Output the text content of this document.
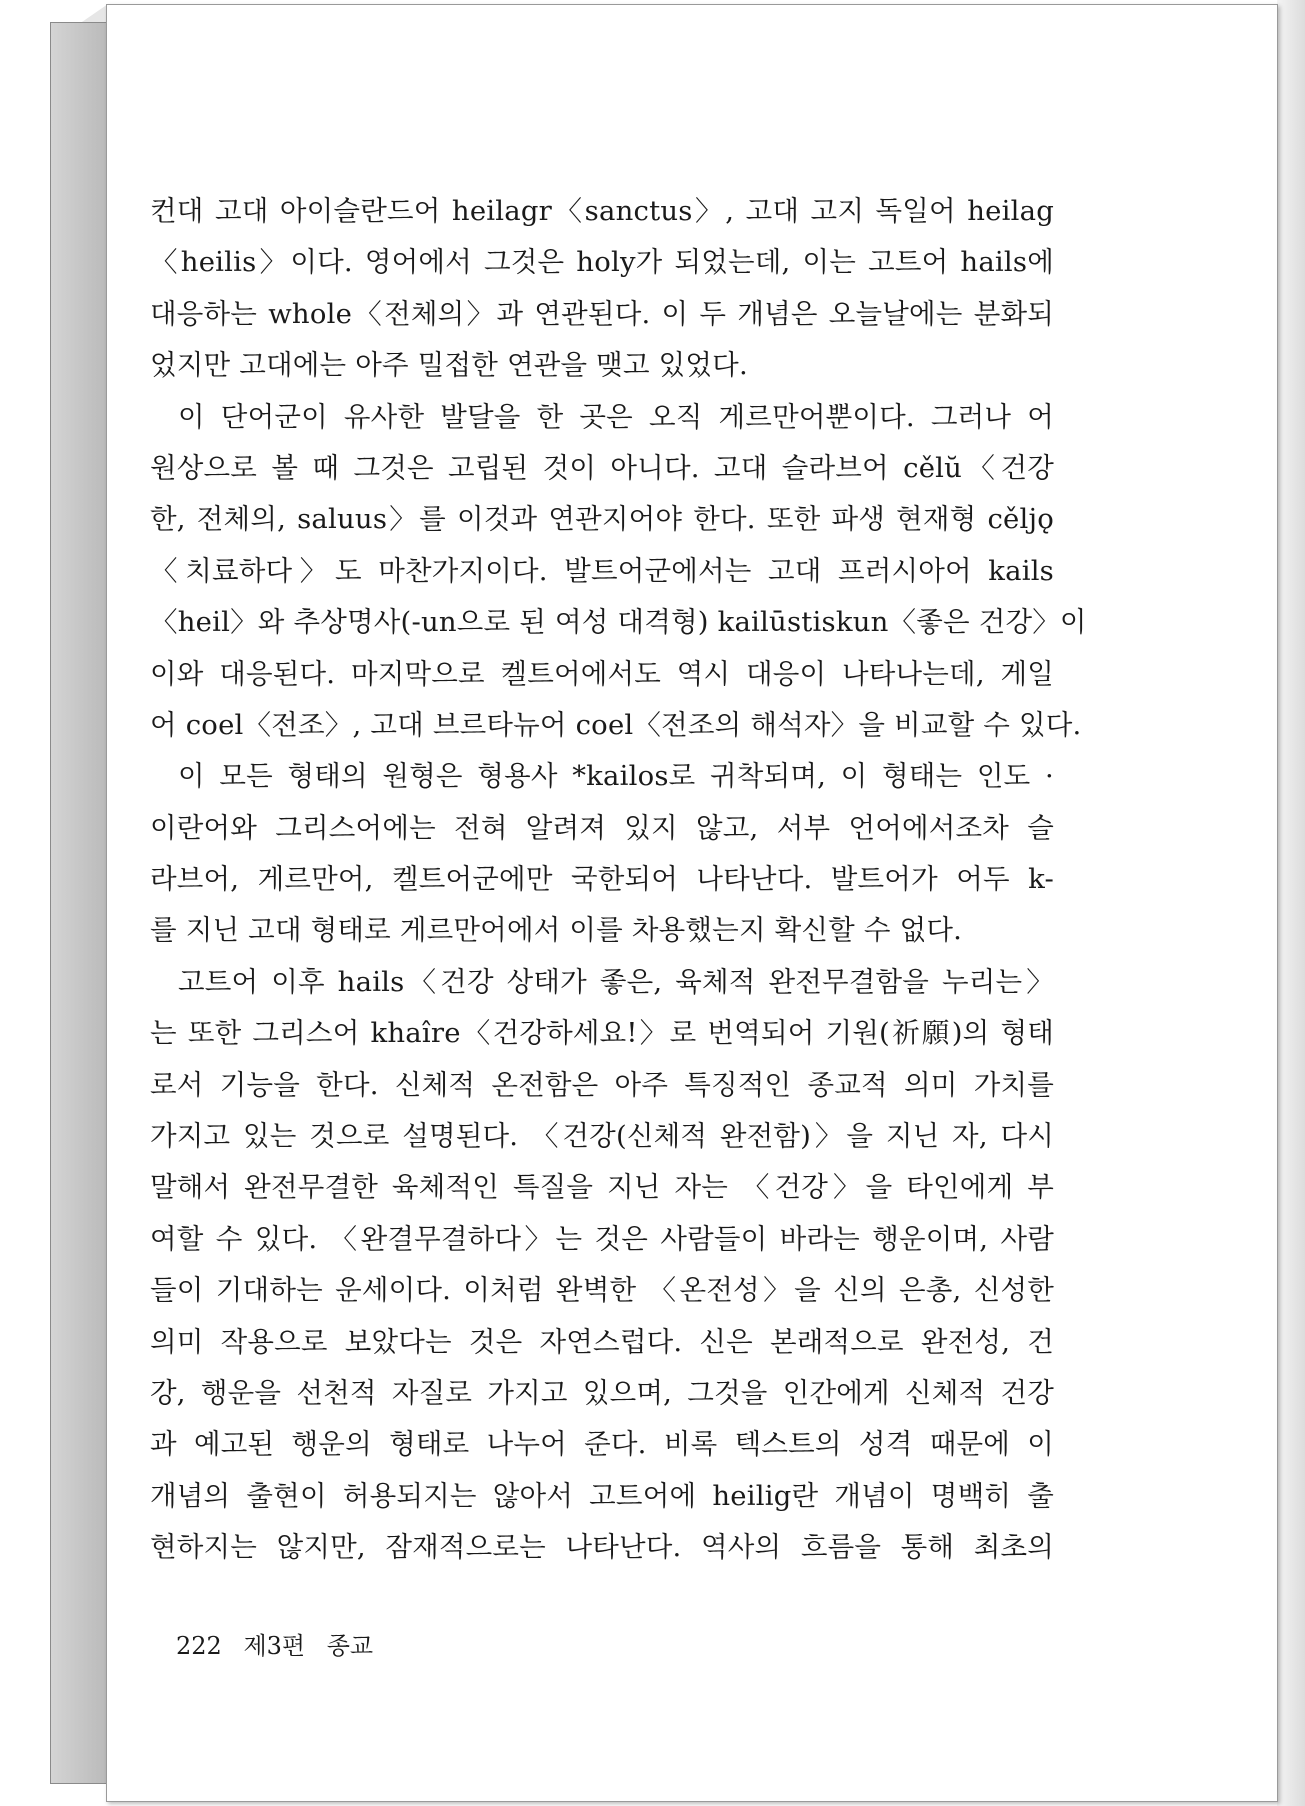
컨대 고대 아이슬란드어 heilagr〈sanctus〉, 고대 고지 독일어 heilag
〈heilis〉이다. 영어에서 그것은 holy가 되었는데, 이는 고트어 hails에
대응하는 whole〈전체의〉과 연관된다. 이 두 개념은 오늘날에는 분화되
었지만 고대에는 아주 밀접한 연관을 맺고 있었다.
이 단어군이 유사한 발달을 한 곳은 오직 게르만어뿐이다. 그러나 어
원상으로 볼 때 그것은 고립된 것이 아니다. 고대 슬라브어 cělŭ〈건강
한, 전체의, saluus〉를 이것과 연관지어야 한다. 또한 파생 현재형 cěljǫ
〈치료하다〉도 마찬가지이다. 발트어군에서는 고대 프러시아어 kails
〈heil〉와 추상명사(-un으로 된 여성 대격형) kailūstiskun〈좋은 건강〉이
이와 대응된다. 마지막으로 켈트어에서도 역시 대응이 나타나는데, 게일
어 coel〈전조〉, 고대 브르타뉴어 coel〈전조의 해석자〉을 비교할 수 있다.
이 모든 형태의 원형은 형용사 *kailos로 귀착되며, 이 형태는 인도 ·
이란어와 그리스어에는 전혀 알려져 있지 않고, 서부 언어에서조차 슬
라브어, 게르만어, 켈트어군에만 국한되어 나타난다. 발트어가 어두 k-
를 지닌 고대 형태로 게르만어에서 이를 차용했는지 확신할 수 없다.
고트어 이후 hails〈건강 상태가 좋은, 육체적 완전무결함을 누리는〉
는 또한 그리스어 khaîre〈건강하세요!〉로 번역되어 기원(祈願)의 형태
로서 기능을 한다. 신체적 온전함은 아주 특징적인 종교적 의미 가치를
가지고 있는 것으로 설명된다. 〈건강(신체적 완전함)〉을 지닌 자, 다시
말해서 완전무결한 육체적인 특질을 지닌 자는 〈건강〉을 타인에게 부
여할 수 있다. 〈완결무결하다〉는 것은 사람들이 바라는 행운이며, 사람
들이 기대하는 운세이다. 이처럼 완벽한 〈온전성〉을 신의 은총, 신성한
의미 작용으로 보았다는 것은 자연스럽다. 신은 본래적으로 완전성, 건
강, 행운을 선천적 자질로 가지고 있으며, 그것을 인간에게 신체적 건강
과 예고된 행운의 형태로 나누어 준다. 비록 텍스트의 성격 때문에 이
개념의 출현이 허용되지는 않아서 고트어에 heilig란 개념이 명백히 출
현하지는 않지만, 잠재적으로는 나타난다. 역사의 흐름을 통해 최초의
222 제3편 종교
